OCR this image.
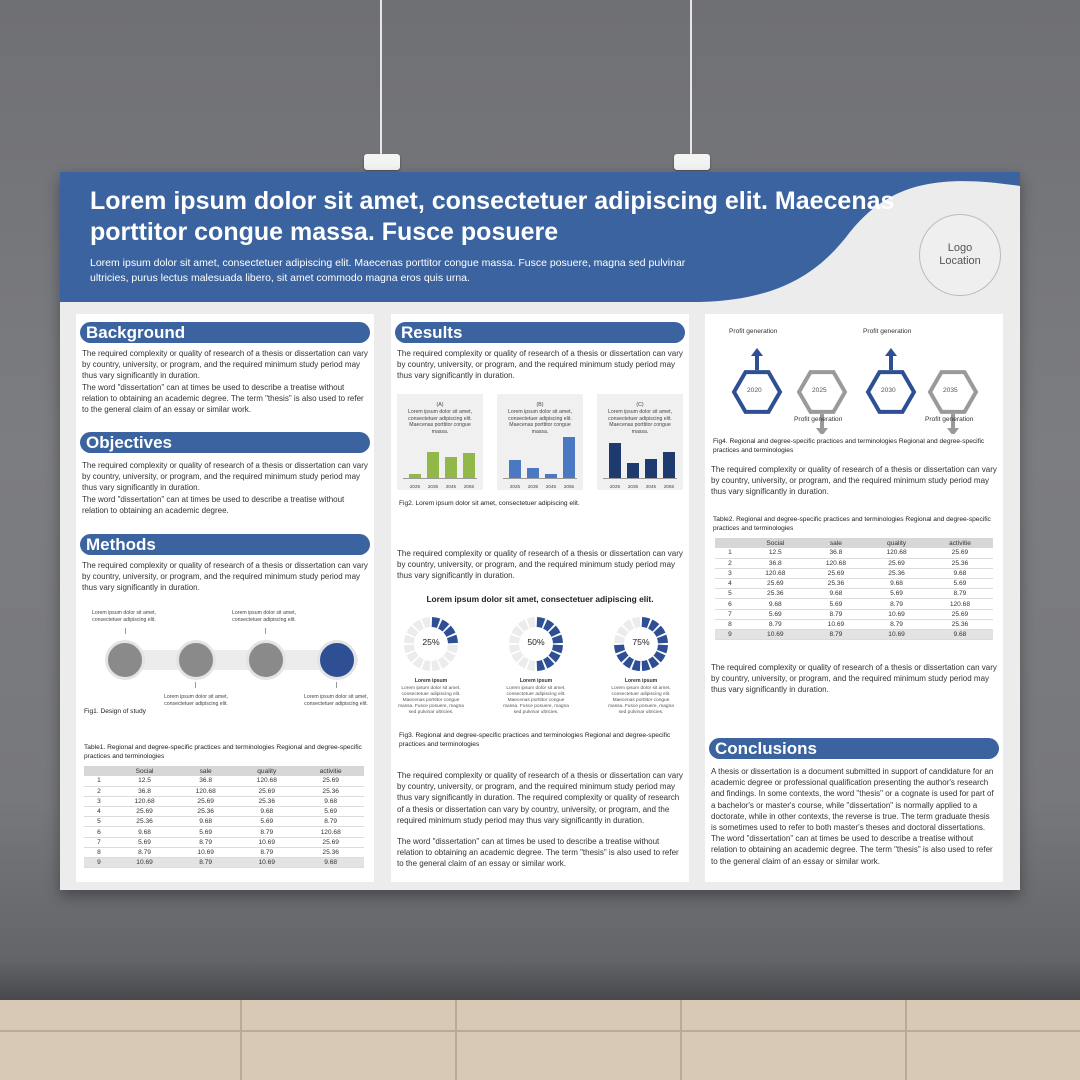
Lorem ipsum dolor sit amet, consectetuer adipiscing elit. Maecenas porttitor congue massa. Fusce posuere
Lorem ipsum dolor sit amet, consectetuer adipiscing elit. Maecenas porttitor congue massa. Fusce posuere, magna sed pulvinar ultricies, purus lectus malesuada libero, sit amet commodo magna eros quis urna.
Logo
Location
Background
The required complexity or quality of research of a thesis or dissertation can vary by country, university, or program, and the required minimum study period may thus vary significantly in duration.
The word "dissertation" can at times be used to describe a treatise without relation to obtaining an academic degree. The term "thesis" is also used to refer to the general claim of an essay or similar work.
Objectives
The required complexity or quality of research of a thesis or dissertation can vary by country, university, or program, and the required minimum study period may thus vary significantly in duration.
The word "dissertation" can at times be used to describe a treatise without relation to obtaining an academic degree.
Methods
The required complexity or quality of research of a thesis or dissertation can vary by country, university, or program, and the required minimum study period may thus vary significantly in duration.
Lorem ipsum dolor sit amet, consectetuer adipiscing elit.
Lorem ipsum dolor sit amet, consectetuer adipiscing elit.
Lorem ipsum dolor sit amet, consectetuer adipiscing elit.
Lorem ipsum dolor sit amet, consectetuer adipiscing elit.
Fig1. Design of study
Table1. Regional and degree-specific practices and terminologies Regional and degree-specific practices and terminologies
	Social	sale	quality	activitie
1	12.5	36.8	120.68	25.69
2	36.8	120.68	25.69	25.36
3	120.68	25.69	25.36	9.68
4	25.69	25.36	9.68	5.69
5	25.36	9.68	5.69	8.79
6	9.68	5.69	8.79	120.68
7	5.69	8.79	10.69	25.69
8	8.79	10.69	8.79	25.36
9	10.69	8.79	10.69	9.68
Results
The required complexity or quality of research of a thesis or dissertation can vary by country, university, or program, and the required minimum study period may thus vary significantly in duration.
(A)
Lorem ipsum dolor sit amet, consectetuer adipiscing elit. Maecenas porttitor congue massa.
2025	2035	2045	2055
(B)
Lorem ipsum dolor sit amet, consectetuer adipiscing elit. Maecenas porttitor congue massa.
2025	2035	2045	2055
(C)
Lorem ipsum dolor sit amet, consectetuer adipiscing elit. Maecenas porttitor congue massa.
2025	2035	2045	2055
Fig2. Lorem ipsum dolor sit amet, consectetuer adipiscing elit.
The required complexity or quality of research of a thesis or dissertation can vary by country, university, or program, and the required minimum study period may thus vary significantly in duration.
Lorem ipsum dolor sit amet, consectetuer adipiscing elit.
25%
Lorem ipsum
Lorem ipsum dolor sit amet, consectetuer adipiscing elit. Maecenas porttitor congue massa. Fusce posuere, magna sed pulvinar ultricies.
50%
Lorem ipsum
Lorem ipsum dolor sit amet, consectetuer adipiscing elit. Maecenas porttitor congue massa. Fusce posuere, magna sed pulvinar ultricies.
75%
Lorem ipsum
Lorem ipsum dolor sit amet, consectetuer adipiscing elit. Maecenas porttitor congue massa. Fusce posuere, magna sed pulvinar ultricies.
Fig3. Regional and degree-specific practices and terminologies Regional and degree-specific practices and terminologies
The required complexity or quality of research of a thesis or dissertation can vary by country, university, or program, and the required minimum study period may thus vary significantly in duration. The required complexity or quality of research of a thesis or dissertation can vary by country, university, or program, and the required minimum study period may thus vary significantly in duration.
The word "dissertation" can at times be used to describe a treatise without relation to obtaining an academic degree. The term "thesis" is also used to refer to the general claim of an essay or similar work.
2020
Profit generation
2025
Profit generation
2030
Profit generation
2035
Profit generation
Fig4. Regional and degree-specific practices and terminologies Regional and degree-specific practices and terminologies
The required complexity or quality of research of a thesis or dissertation can vary by country, university, or program, and the required minimum study period may thus vary significantly in duration.
Table2. Regional and degree-specific practices and terminologies Regional and degree-specific practices and terminologies
	Social	sale	quality	activitie
1	12.5	36.8	120.68	25.69
2	36.8	120.68	25.69	25.36
3	120.68	25.69	25.36	9.68
4	25.69	25.36	9.68	5.69
5	25.36	9.68	5.69	8.79
6	9.68	5.69	8.79	120.68
7	5.69	8.79	10.69	25.69
8	8.79	10.69	8.79	25.36
9	10.69	8.79	10.69	9.68
The required complexity or quality of research of a thesis or dissertation can vary by country, university, or program, and the required minimum study period may thus vary significantly in duration.
Conclusions
A thesis or dissertation is a document submitted in support of candidature for an academic degree or professional qualification presenting the author's research and findings. In some contexts, the word "thesis" or a cognate is used for part of a bachelor's or master's course, while "dissertation" is normally applied to a doctorate, while in other contexts, the reverse is true. The term graduate thesis is sometimes used to refer to both master's theses and doctoral dissertations.
The word "dissertation" can at times be used to describe a treatise without relation to obtaining an academic degree. The term "thesis" is also used to refer to the general claim of an essay or similar work.
